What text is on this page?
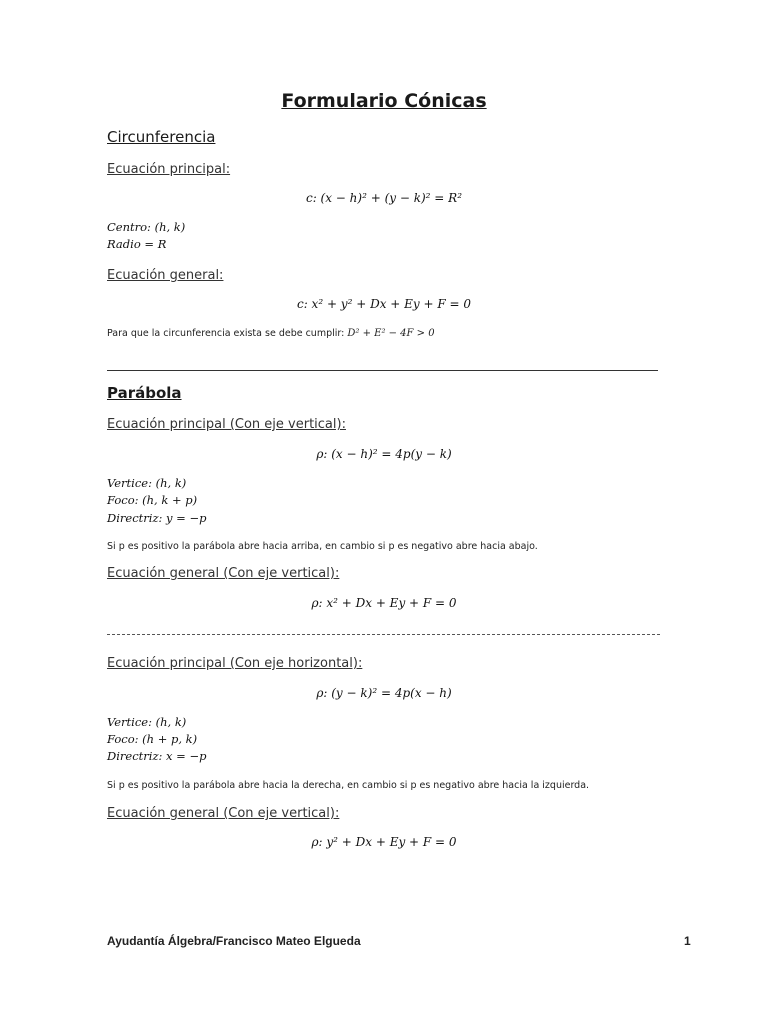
Formulario Cónicas
Circunferencia
Ecuación principal:
c: (x − h)² + (y − k)² = R²
Centro: (h, k)
Radio = R
Ecuación general:
c: x² + y² + Dx + Ey + F = 0
Para que la circunferencia exista se debe cumplir: D² + E² − 4F > 0
Parábola
Ecuación principal (Con eje vertical):
ρ: (x − h)² = 4p(y − k)
Vertice: (h, k)
Foco: (h, k + p)
Directriz: y = −p
Si p es positivo la parábola abre hacia arriba, en cambio si p es negativo abre hacia abajo.
Ecuación general (Con eje vertical):
ρ: x² + Dx + Ey + F = 0
Ecuación principal (Con eje horizontal):
ρ: (y − k)² = 4p(x − h)
Vertice: (h, k)
Foco: (h + p, k)
Directriz: x = −p
Si p es positivo la parábola abre hacia la derecha, en cambio si p es negativo abre hacia la izquierda.
Ecuación general (Con eje vertical):
ρ: y² + Dx + Ey + F = 0
Ayudantía Álgebra/Francisco Mateo Elgueda	1
